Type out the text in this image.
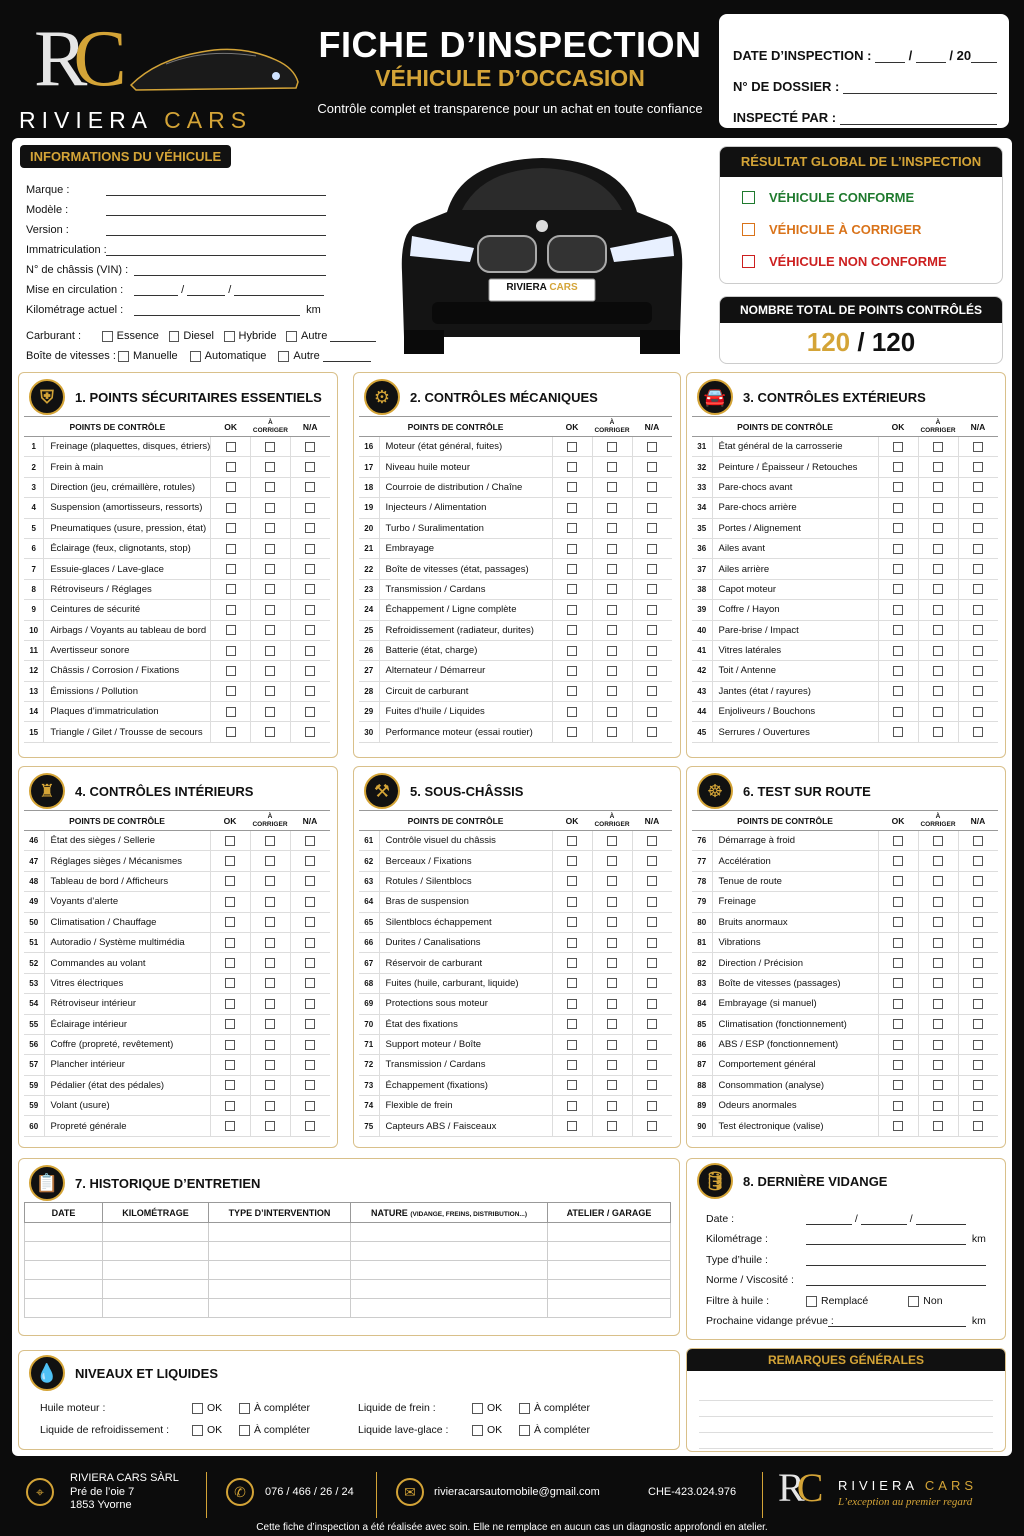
RC
RIVIERA CARS
FICHE D’INSPECTION
VÉHICULE D’OCCASION
Contrôle complet et transparence pour un achat en toute confiance
DATE D’INSPECTION :

	/

	/ 20
N° DE DOSSIER :

INSPECTÉ PAR :

INFORMATIONS DU VÉHICULE
Marque :
Modèle :
Version :
Immatriculation :
N° de châssis (VIN) :
Mise en circulation :
	/

	/

Kilométrage actuel :
	km
Carburant :	Essence Diesel Hybride Autre

Boîte de vitesses : Manuelle Automatique Autre

RIVIERA CARS
RÉSULTAT GLOBAL DE L’INSPECTION
VÉHICULE CONFORME
VÉHICULE À CORRIGER
VÉHICULE NON CONFORME
NOMBRE TOTAL DE POINTS CONTRÔLÉS
120 / 120
⛨	1. POINTS SÉCURITAIRES ESSENTIELS
POINTS DE CONTRÔLE		OK	À
CORRIGER	N/A
1	Freinage (plaquettes, disques, étriers)			
2	Frein à main			
3	Direction (jeu, crémaillère, rotules)			
4	Suspension (amortisseurs, ressorts)			
5	Pneumatiques (usure, pression, état)			
6	Éclairage (feux, clignotants, stop)			
7	Essuie-glaces / Lave-glace			
8	Rétroviseurs / Réglages			
9	Ceintures de sécurité			
10	Airbags / Voyants au tableau de bord			
11	Avertisseur sonore			
12	Châssis / Corrosion / Fixations			
13	Émissions / Pollution			
14	Plaques d’immatriculation			
15	Triangle / Gilet / Trousse de secours			
⚙	2. CONTRÔLES MÉCANIQUES
POINTS DE CONTRÔLE		OK	À
CORRIGER	N/A
16	Moteur (état général, fuites)			
17	Niveau huile moteur			
18	Courroie de distribution / Chaîne			
19	Injecteurs / Alimentation			
20	Turbo / Suralimentation			
21	Embrayage			
22	Boîte de vitesses (état, passages)			
23	Transmission / Cardans			
24	Échappement / Ligne complète			
25	Refroidissement (radiateur, durites)			
26	Batterie (état, charge)			
27	Alternateur / Démarreur			
28	Circuit de carburant			
29	Fuites d’huile / Liquides			
30	Performance moteur (essai routier)			
🚘	3. CONTRÔLES EXTÉRIEURS
POINTS DE CONTRÔLE		OK	À
CORRIGER	N/A
31	État général de la carrosserie			
32	Peinture / Épaisseur / Retouches			
33	Pare-chocs avant			
34	Pare-chocs arrière			
35	Portes / Alignement			
36	Ailes avant			
37	Ailes arrière			
38	Capot moteur			
39	Coffre / Hayon			
40	Pare-brise / Impact			
41	Vitres latérales			
42	Toit / Antenne			
43	Jantes (état / rayures)			
44	Enjoliveurs / Bouchons			
45	Serrures / Ouvertures			
♜	4. CONTRÔLES INTÉRIEURS
POINTS DE CONTRÔLE		OK	À
CORRIGER	N/A
46	État des sièges / Sellerie			
47	Réglages sièges / Mécanismes			
48	Tableau de bord / Afficheurs			
49	Voyants d’alerte			
50	Climatisation / Chauffage			
51	Autoradio / Système multimédia			
52	Commandes au volant			
53	Vitres électriques			
54	Rétroviseur intérieur			
55	Éclairage intérieur			
56	Coffre (propreté, revêtement)			
57	Plancher intérieur			
59	Pédalier (état des pédales)			
59	Volant (usure)			
60	Propreté générale			
⚒	5. SOUS-CHÂSSIS
POINTS DE CONTRÔLE		OK	À
CORRIGER	N/A
61	Contrôle visuel du châssis			
62	Berceaux / Fixations			
63	Rotules / Silentblocs			
64	Bras de suspension			
65	Silentblocs échappement			
66	Durites / Canalisations			
67	Réservoir de carburant			
68	Fuites (huile, carburant, liquide)			
69	Protections sous moteur			
70	État des fixations			
71	Support moteur / Boîte			
72	Transmission / Cardans			
73	Échappement (fixations)			
74	Flexible de frein			
75	Capteurs ABS / Faisceaux			
☸	6. TEST SUR ROUTE
POINTS DE CONTRÔLE		OK	À
CORRIGER	N/A
76	Démarrage à froid			
77	Accélération			
78	Tenue de route			
79	Freinage			
80	Bruits anormaux			
81	Vibrations			
82	Direction / Précision			
83	Boîte de vitesses (passages)			
84	Embrayage (si manuel)			
85	Climatisation (fonctionnement)			
86	ABS / ESP (fonctionnement)			
87	Comportement général			
88	Consommation (analyse)			
89	Odeurs anormales			
90	Test électronique (valise)			
📋	7. HISTORIQUE D’ENTRETIEN
DATE	KILOMÉTRAGE	TYPE D’INTERVENTION	NATURE (VIDANGE, FREINS, DISTRIBUTION...)	ATELIER / GARAGE

🛢	8. DERNIÈRE VIDANGE
Date :
	/

	/

Kilométrage :
	km
Type d’huile :
Norme / Viscosité :
Filtre à huile :	Remplacé	Non
Prochaine vidange prévue :
	km
💧	NIVEAUX ET LIQUIDES
Huile moteur :	OK	À compléter
Liquide de refroidissement :	OK	À compléter
Liquide de frein :	OK	À compléter
Liquide lave-glace :	OK	À compléter
REMARQUES GÉNÉRALES
⌖
RIVIERA CARS SÀRL
Pré de l’oie 7
1853 Yvorne
✆	076 / 466 / 26 / 24	✉	rivieracarsautomobile@gmail.com	CHE-423.024.976 RC RIVIERA CARS
L’exception au premier regard
Cette fiche d’inspection a été réalisée avec soin. Elle ne remplace en aucun cas un diagnostic approfondi en atelier.
